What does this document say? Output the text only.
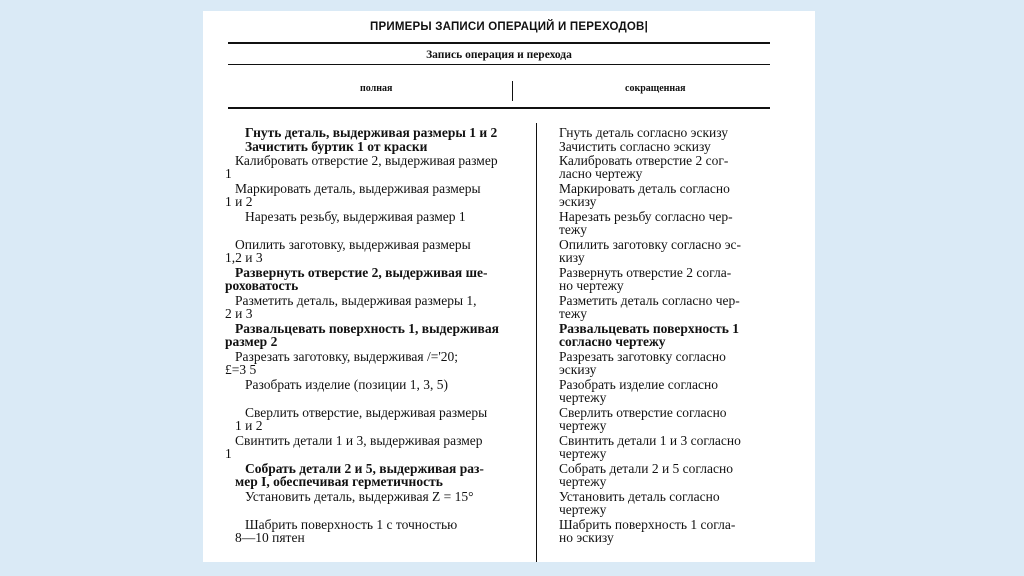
ПРИМЕРЫ ЗАПИСИ ОПЕРАЦИЙ И ПЕРЕХОДОВ|
Запись операция и перехода
полная	сокращенная
Гнуть деталь, выдерживая размеры 1 и 2
Зачистить буртик 1 от краски
Калибровать отверстие 2, выдерживая размер
1
Маркировать деталь, выдерживая размеры
1 и 2
Нарезать резьбу, выдерживая размер 1
Опилить заготовку, выдерживая размеры
1,2 и 3
Развернуть отверстие 2, выдерживая ше-
роховатость
Разметить деталь, выдерживая размеры 1,
2 и 3
Развальцевать поверхность 1, выдерживая
размер 2
Разрезать заготовку, выдерживая /='20;
£=3 5
Разобрать изделие (позиции 1, 3, 5)
Сверлить отверстие, выдерживая размеры
1 и 2
Свинтить детали 1 и 3, выдерживая размер
1
Собрать детали 2 и 5, выдерживая раз-
мер I, обеспечивая герметичность
Установить деталь, выдерживая Z = 15°
Шабрить поверхность 1 с точностью
8—10 пятен
Гнуть деталь согласно эскизу
Зачистить согласно эскизу
Калибровать отверстие 2 сог-
ласно чертежу
Маркировать деталь согласно
эскизу
Нарезать резьбу согласно чер-
тежу
Опилить заготовку согласно эс-
кизу
Развернуть отверстие 2 согла-
но чертежу
Разметить деталь согласно чер-
тежу
Развальцевать поверхность 1
согласно чертежу
Разрезать заготовку согласно
эскизу
Разобрать изделие согласно
чертежу
Сверлить отверстие согласно
чертежу
Свинтить детали 1 и 3 согласно
чертежу
Собрать детали 2 и 5 согласно
чертежу
Установить деталь согласно
чертежу
Шабрить поверхность 1 согла-
но эскизу
